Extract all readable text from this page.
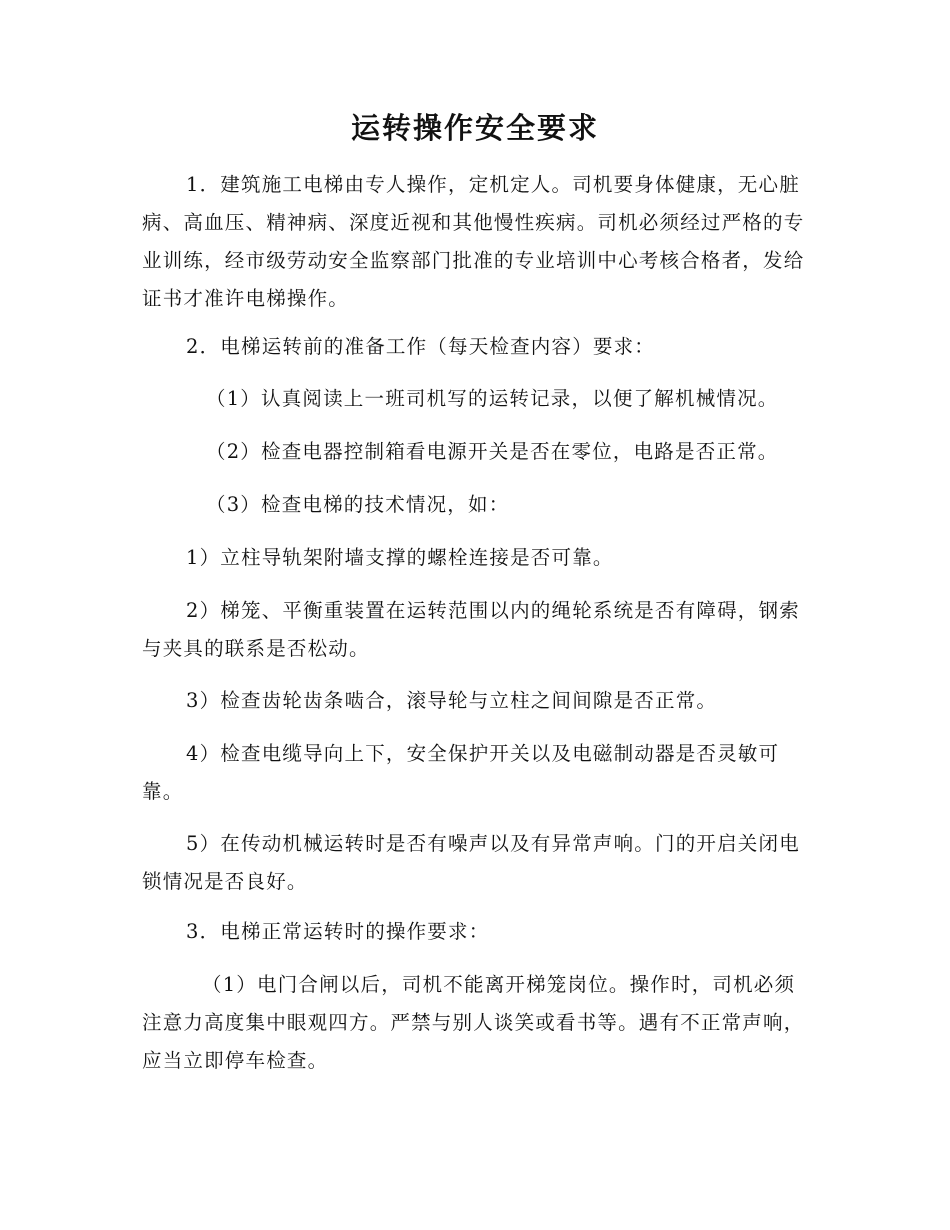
运转操作安全要求

1．建筑施工电梯由专人操作，定机定人。司机要身体健康，无心脏病、高血压、精神病、深度近视和其他慢性疾病。司机必须经过严格的专业训练，经市级劳动安全监察部门批准的专业培训中心考核合格者，发给证书才准许电梯操作。

2．电梯运转前的准备工作（每天检查内容）要求：

（1）认真阅读上一班司机写的运转记录，以便了解机械情况。

（2）检查电器控制箱看电源开关是否在零位，电路是否正常。

（3）检查电梯的技术情况，如：

1）立柱导轨架附墙支撑的螺栓连接是否可靠。

2）梯笼、平衡重装置在运转范围以内的绳轮系统是否有障碍，钢索与夹具的联系是否松动。

3）检查齿轮齿条啮合，滚导轮与立柱之间间隙是否正常。

4）检查电缆导向上下，安全保护开关以及电磁制动器是否灵敏可靠。

5）在传动机械运转时是否有噪声以及有异常声响。门的开启关闭电锁情况是否良好。

3．电梯正常运转时的操作要求：

（1）电门合闸以后，司机不能离开梯笼岗位。操作时，司机必须注意力高度集中眼观四方。严禁与别人谈笑或看书等。遇有不正常声响，应当立即停车检查。
